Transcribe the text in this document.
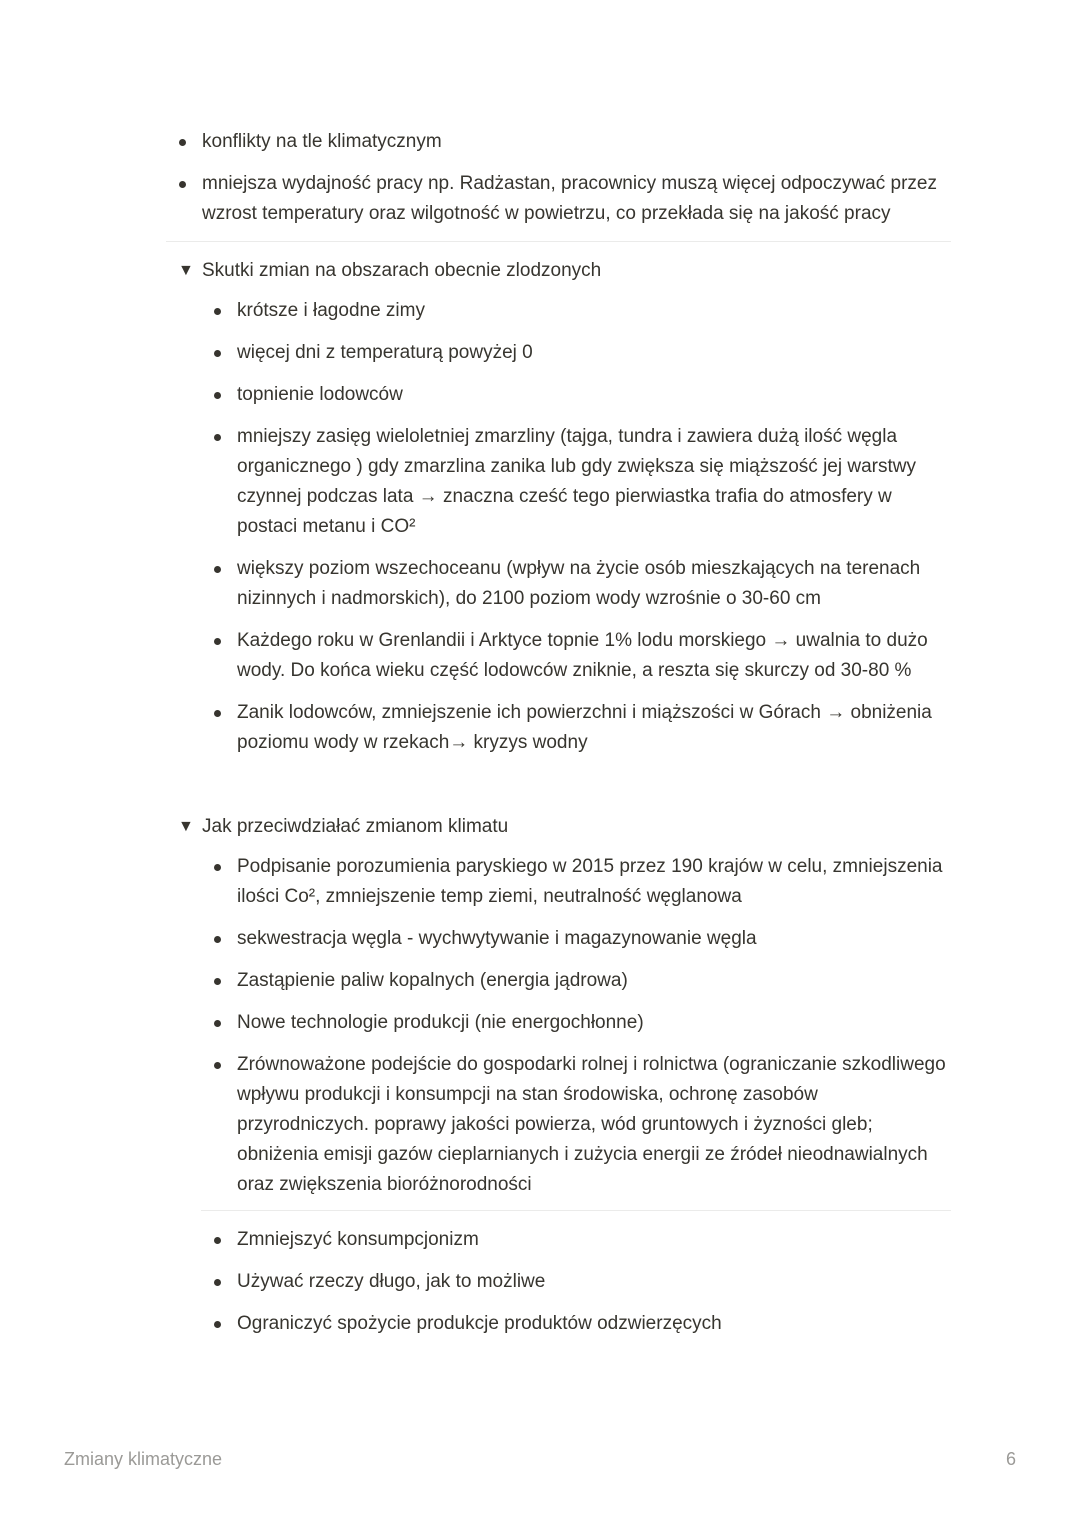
konflikty na tle klimatycznym
mniejsza wydajność pracy np. Radżastan, pracownicy muszą więcej odpoczywać przez wzrost temperatury oraz wilgotność w powietrzu, co przekłada się na jakość pracy
▼ Skutki zmian na obszarach obecnie zlodzonych
krótsze i łagodne zimy
więcej dni z temperaturą powyżej 0
topnienie lodowców
mniejszy zasięg wieloletniej zmarzliny (tajga, tundra i zawiera dużą ilość węgla organicznego ) gdy zmarzlina zanika lub gdy zwiększa się miąższość jej warstwy czynnej podczas lata → znaczna cześć tego pierwiastka trafia do atmosfery w postaci metanu i CO²
większy poziom wszechoceanu (wpływ na życie osób mieszkających na terenach nizinnych i nadmorskich), do 2100 poziom wody wzrośnie o 30-60 cm
Każdego roku w Grenlandii i Arktyce topnie 1% lodu morskiego → uwalnia to dużo wody. Do końca wieku część lodowców zniknie, a reszta się skurczy od 30-80 %
Zanik lodowców, zmniejszenie ich powierzchni i miąższości w Górach → obniżenia poziomu wody w rzekach→ kryzys wodny
▼ Jak przeciwdziałać zmianom klimatu
Podpisanie porozumienia paryskiego w 2015 przez 190 krajów w celu, zmniejszenia ilości Co², zmniejszenie temp ziemi, neutralność węglanowa
sekwestracja węgla - wychwytywanie i magazynowanie węgla
Zastąpienie paliw kopalnych (energia jądrowa)
Nowe technologie produkcji (nie energochłonne)
Zrównoważone podejście do gospodarki rolnej i rolnictwa (ograniczanie szkodliwego wpływu produkcji i konsumpcji na stan środowiska, ochronę zasobów przyrodniczych. poprawy jakości powierza, wód gruntowych i żyzności gleb; obniżenia emisji gazów cieplarnianych i zużycia energii ze źródeł nieodnawialnych oraz zwiększenia bioróżnorodności
Zmniejszyć konsumpcjonizm
Używać rzeczy długo, jak to możliwe
Ograniczyć spożycie produkcje produktów odzwierzęcych
Zmiany klimatyczne	6
